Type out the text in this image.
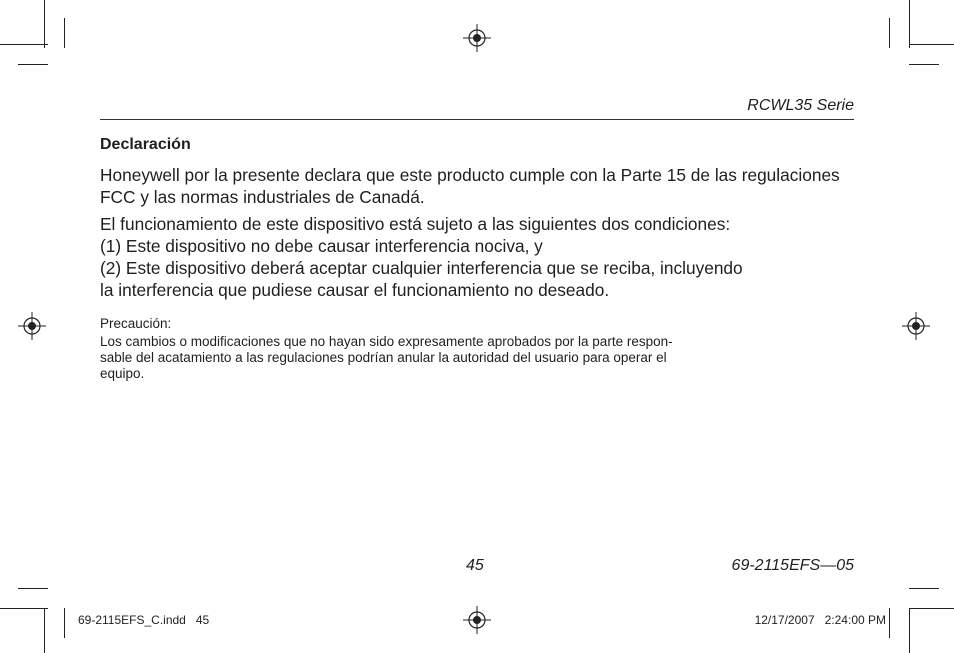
RCWL35 Serie
Declaración
Honeywell por la presente declara que este producto cumple con la Parte 15 de las regulaciones FCC y las normas industriales de Canadá.
El funcionamiento de este dispositivo está sujeto a las siguientes dos condiciones:
(1) Este dispositivo no debe causar interferencia nociva, y
(2) Este dispositivo deberá aceptar cualquier interferencia que se reciba, incluyendo
la interferencia que pudiese causar el funcionamiento no deseado.
Precaución:
Los cambios o modificaciones que no hayan sido expresamente aprobados por la parte respon-
sable del acatamiento a las regulaciones podrían anular la autoridad del usuario para operar el
equipo.
45	69-2115EFS—05
69-2115EFS_C.indd   45	12/17/2007   2:24:00 PM
